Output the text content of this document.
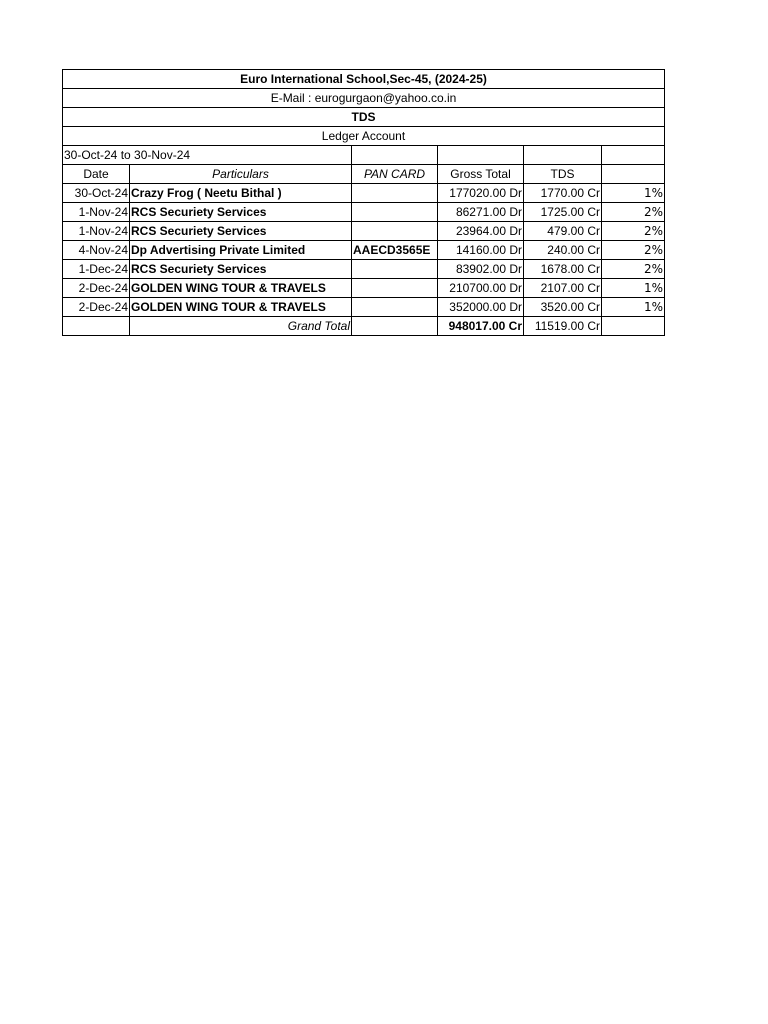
Euro International School,Sec-45, (2024-25)					
E-Mail : eurogurgaon@yahoo.co.in					
TDS					
Ledger Account					
30-Oct-24 to 30-Nov-24					
Date	Particulars	PAN CARD	Gross Total	TDS	
30-Oct-24	Crazy Frog ( Neetu Bithal )		177020.00 Dr	1770.00 Cr	1%
1-Nov-24	RCS Securiety Services		86271.00 Dr	1725.00 Cr	2%
1-Nov-24	RCS Securiety Services		23964.00 Dr	479.00 Cr	2%
4-Nov-24	Dp Advertising Private Limited	AAECD3565E	14160.00 Dr	240.00 Cr	2%
1-Dec-24	RCS Securiety Services		83902.00 Dr	1678.00 Cr	2%
2-Dec-24	GOLDEN WING TOUR & TRAVELS		210700.00 Dr	2107.00 Cr	1%
2-Dec-24	GOLDEN WING TOUR & TRAVELS		352000.00 Dr	3520.00 Cr	1%
	Grand Total		948017.00 Cr	11519.00 Cr	
